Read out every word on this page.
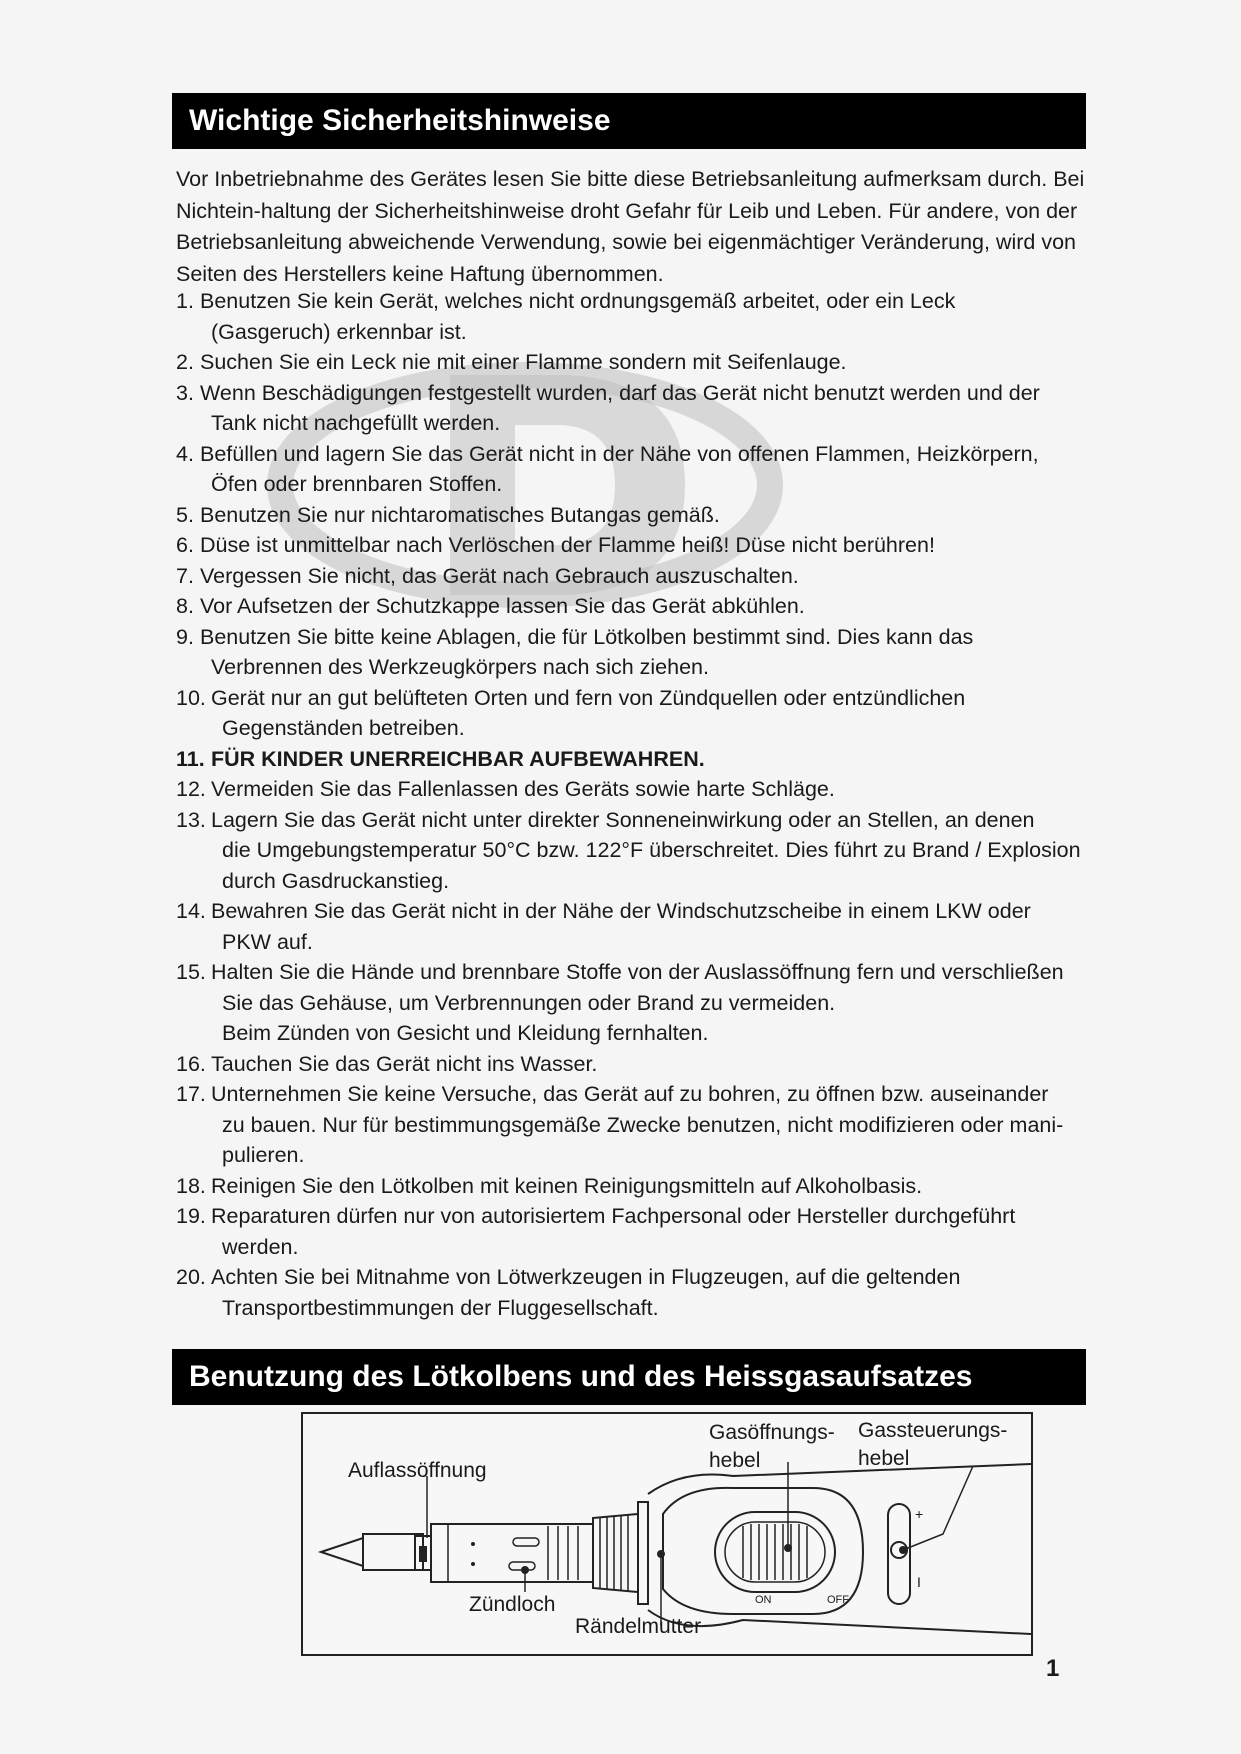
Wichtige Sicherheitshinweise

Vor Inbetriebnahme des Gerätes lesen Sie bitte diese Betriebsanleitung aufmerksam durch. Bei Nichtein-haltung der Sicherheitshinweise droht Gefahr für Leib und Leben. Für andere, von der Betriebsanleitung abweichende Verwendung, sowie bei eigenmächtiger Veränderung, wird von Seiten des Herstellers keine Haftung übernommen.

1. Benutzen Sie kein Gerät, welches nicht ordnungsgemäß arbeitet, oder ein Leck
(Gasgeruch) erkennbar ist.
2. Suchen Sie ein Leck nie mit einer Flamme sondern mit Seifenlauge.
3. Wenn Beschädigungen festgestellt wurden, darf das Gerät nicht benutzt werden und der
Tank nicht nachgefüllt werden.
4. Befüllen und lagern Sie das Gerät nicht in der Nähe von offenen Flammen, Heizkörpern,
Öfen oder brennbaren Stoffen.
5. Benutzen Sie nur nichtaromatisches Butangas gemäß.
6. Düse ist unmittelbar nach Verlöschen der Flamme heiß! Düse nicht berühren!
7. Vergessen Sie nicht, das Gerät nach Gebrauch auszuschalten.
8. Vor Aufsetzen der Schutzkappe lassen Sie das Gerät abkühlen.
9. Benutzen Sie bitte keine Ablagen, die für Lötkolben bestimmt sind. Dies kann das
Verbrennen des Werkzeugkörpers nach sich ziehen.
10. Gerät nur an gut belüfteten Orten und fern von Zündquellen oder entzündlichen
Gegenständen betreiben.
11. FÜR KINDER UNERREICHBAR AUFBEWAHREN.
12. Vermeiden Sie das Fallenlassen des Geräts sowie harte Schläge.
13. Lagern Sie das Gerät nicht unter direkter Sonneneinwirkung oder an Stellen, an denen
die Umgebungstemperatur 50°C bzw. 122°F überschreitet. Dies führt zu Brand / Explosion durch Gasdruckanstieg.
14. Bewahren Sie das Gerät nicht in der Nähe der Windschutzscheibe in einem LKW oder
PKW auf.
15. Halten Sie die Hände und brennbare Stoffe von der Auslassöffnung fern und verschließen
Sie das Gehäuse, um Verbrennungen oder Brand zu vermeiden.
Beim Zünden von Gesicht und Kleidung fernhalten.
16. Tauchen Sie das Gerät nicht ins Wasser.
17. Unternehmen Sie keine Versuche, das Gerät auf zu bohren, zu öffnen bzw. auseinander
zu bauen. Nur für bestimmungsgemäße Zwecke benutzen, nicht modifizieren oder mani- pulieren.
18. Reinigen Sie den Lötkolben mit keinen Reinigungsmitteln auf Alkoholbasis.
19. Reparaturen dürfen nur von autorisiertem Fachpersonal oder Hersteller durchgeführt
werden.
20. Achten Sie bei Mitnahme von Lötwerkzeugen in Flugzeugen, auf die geltenden
Transportbestimmungen der Fluggesellschaft.
Benutzung des Lötkolbens und des Heissgasaufsatzes
Auflassöffnung
Gasöffnungs-
hebel
Gassteuerungs-
hebel
Zündloch
Rändelmutter
ON	OFF
+
I
1
